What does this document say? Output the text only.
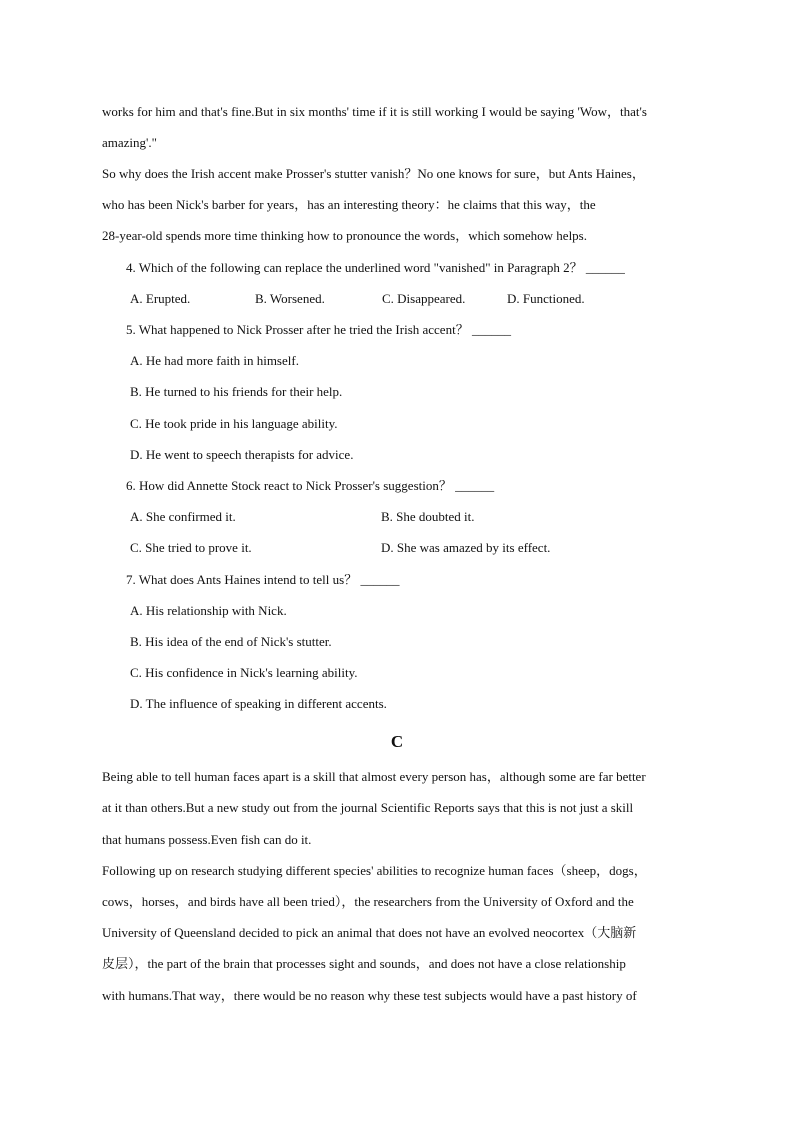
works for him and that's fine.But in six months' time if it is still working I would be saying 'Wow，that's
amazing'."
So why does the Irish accent make Prosser's stutter vanish？No one knows for sure，but Ants Haines，
who has been Nick's barber for years，has an interesting theory：he claims that this way，the
28-year-old spends more time thinking how to pronounce the words，which somehow helps.
4. Which of the following can replace the underlined word "vanished" in Paragraph 2？ ______
A. Erupted.	B. Worsened.	C. Disappeared.	D. Functioned.
5. What happened to Nick Prosser after he tried the Irish accent？ ______
A. He had more faith in himself.
B. He turned to his friends for their help.
C. He took pride in his language ability.
D. He went to speech therapists for advice.
6. How did Annette Stock react to Nick Prosser's suggestion？ ______
A. She confirmed it.	B. She doubted it.
C. She tried to prove it.	D. She was amazed by its effect.
7. What does Ants Haines intend to tell us？ ______
A. His relationship with Nick.
B. His idea of the end of Nick's stutter.
C. His confidence in Nick's learning ability.
D. The influence of speaking in different accents.
C
Being able to tell human faces apart is a skill that almost every person has，although some are far better
at it than others.But a new study out from the journal Scientific Reports says that this is not just a skill
that humans possess.Even fish can do it.
Following up on research studying different species' abilities to recognize human faces（sheep，dogs，
cows，horses，and birds have all been tried），the researchers from the University of Oxford and the
University of Queensland decided to pick an animal that does not have an evolved neocortex（大脑新
皮层），the part of the brain that processes sight and sounds，and does not have a close relationship
with humans.That way，there would be no reason why these test subjects would have a past history of
